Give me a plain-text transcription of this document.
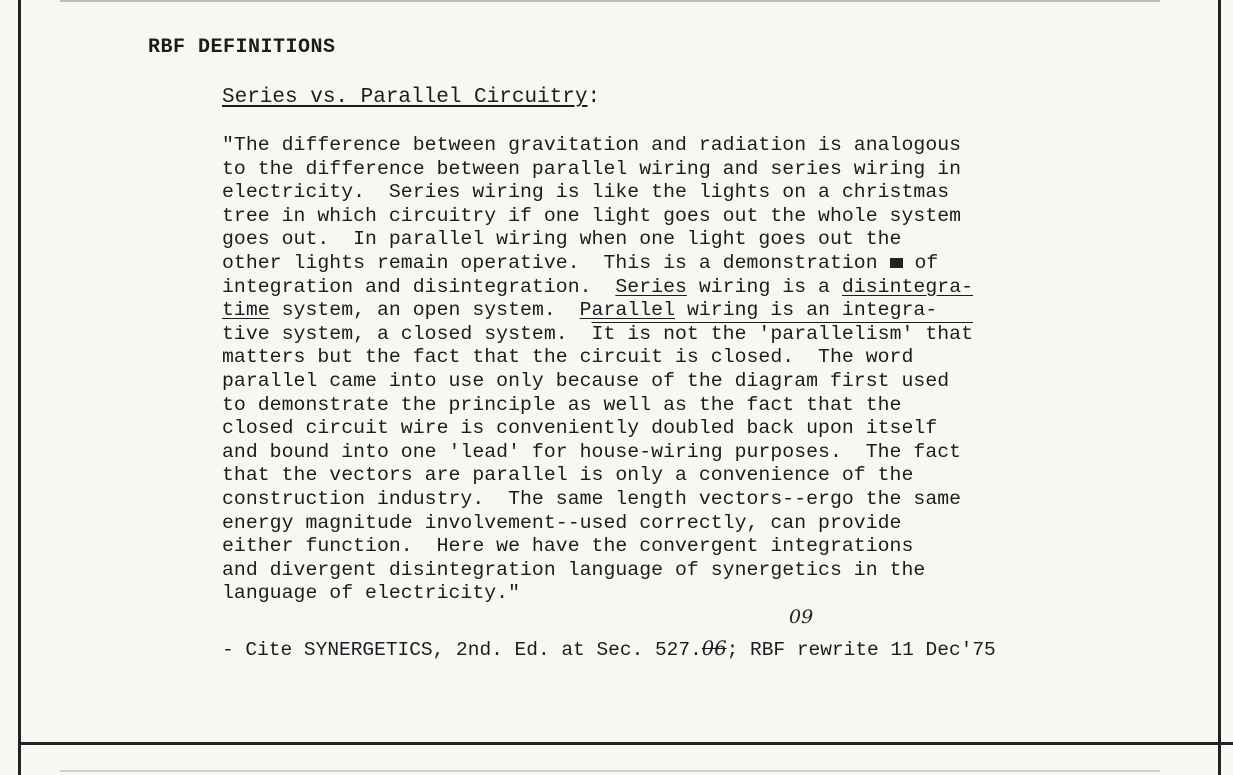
RBF DEFINITIONS
Series vs. Parallel Circuitry:
"The difference between gravitation and radiation is analogous
to the difference between parallel wiring and series wiring in
electricity.  Series wiring is like the lights on a christmas
tree in which circuitry if one light goes out the whole system
goes out.  In parallel wiring when one light goes out the
other lights remain operative.  This is a demonstration of
integration and disintegration. Series wiring is a disintegra-
time system, an open system. Parallel wiring is an integra-
tive system, a closed system. It is not the 'parallelism' that
matters but the fact that the circuit is closed.  The word
parallel came into use only because of the diagram first used
to demonstrate the principle as well as the fact that the
closed circuit wire is conveniently doubled back upon itself
and bound into one 'lead' for house-wiring purposes.  The fact
that the vectors are parallel is only a convenience of the
construction industry.  The same length vectors--ergo the same
energy magnitude involvement--used correctly, can provide
either function.  Here we have the convergent integrations
and divergent disintegration language of synergetics in the
language of electricity."
09
- Cite SYNERGETICS, 2nd. Ed. at Sec. 527.06; RBF rewrite 11 Dec'75
